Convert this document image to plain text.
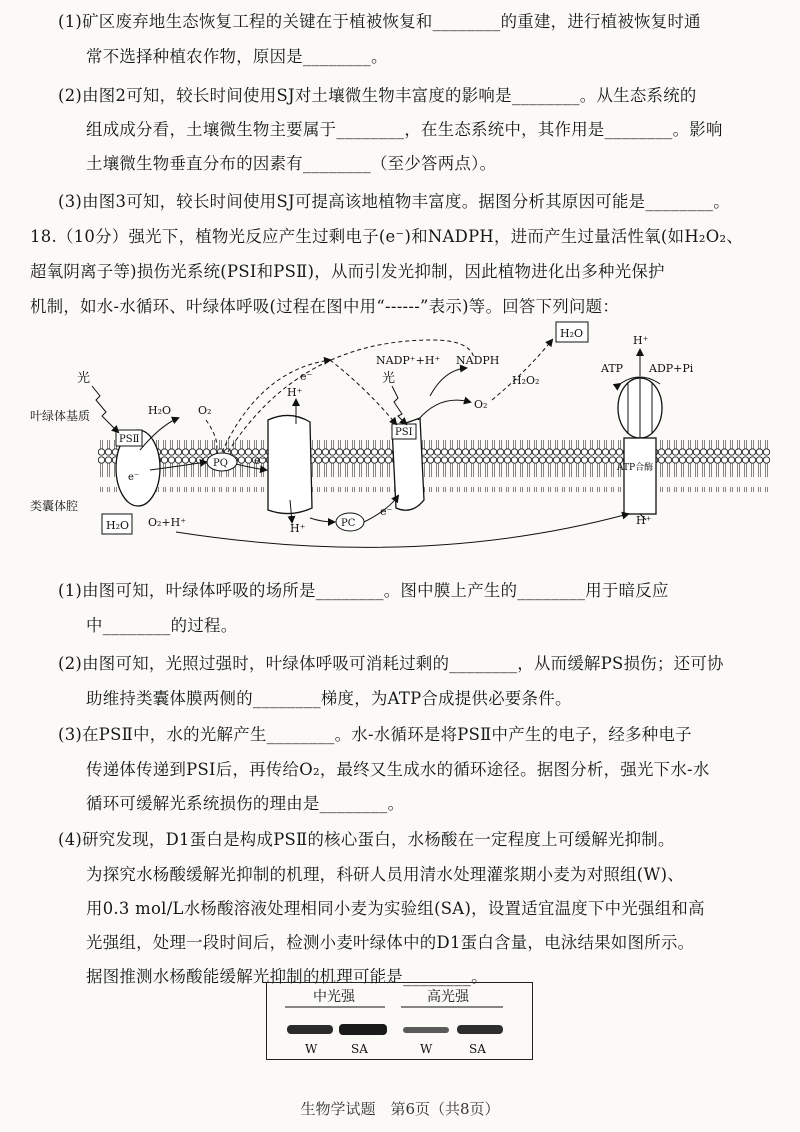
(1)矿区废弃地生态恢复工程的关键在于植被恢复和________的重建，进行植被恢复时通
常不选择种植农作物，原因是________。
(2)由图2可知，较长时间使用SJ对土壤微生物丰富度的影响是________。从生态系统的
组成成分看，土壤微生物主要属于________，在生态系统中，其作用是________。影响
土壤微生物垂直分布的因素有________（至少答两点）。
(3)由图3可知，较长时间使用SJ可提高该地植物丰富度。据图分析其原因可能是________。
18.（10分）强光下，植物光反应产生过剩电子(e⁻)和NADPH，进而产生过量活性氧(如H₂O₂、
超氧阴离子等)损伤光系统(PSⅠ和PSⅡ)，从而引发光抑制，因此植物进化出多种光保护
机制，如水-水循环、叶绿体呼吸(过程在图中用“------”表示)等。回答下列问题：
PSⅡ
e⁻
PQ e⁻
PC
e⁻
PSⅠ
ATP合酶
光
叶绿体基质
类囊体腔
H₂O O₂
H₂O O₂+H⁺
H⁺
H⁺
e⁻	光
NADP⁺+H⁺ NADPH
H₂O₂
O₂
H₂O
H⁺
ATP ADP+Pi
H⁺
(1)由图可知，叶绿体呼吸的场所是________。图中膜上产生的________用于暗反应
中________的过程。
(2)由图可知，光照过强时，叶绿体呼吸可消耗过剩的________，从而缓解PS损伤；还可协
助维持类囊体膜两侧的________梯度，为ATP合成提供必要条件。
(3)在PSⅡ中，水的光解产生________。水-水循环是将PSⅡ中产生的电子，经多种电子
传递体传递到PSⅠ后，再传给O₂，最终又生成水的循环途径。据图分析，强光下水-水
循环可缓解光系统损伤的理由是________。
(4)研究发现，D1蛋白是构成PSⅡ的核心蛋白，水杨酸在一定程度上可缓解光抑制。
为探究水杨酸缓解光抑制的机理，科研人员用清水处理灌浆期小麦为对照组(W)、
用0.3 mol/L水杨酸溶液处理相同小麦为实验组(SA)，设置适宜温度下中光强组和高
光强组，处理一段时间后，检测小麦叶绿体中的D1蛋白含量，电泳结果如图所示。
据图推测水杨酸能缓解光抑制的机理可能是________。
中光强	高光强
W	SA	W	SA
生物学试题　第6页（共8页）
